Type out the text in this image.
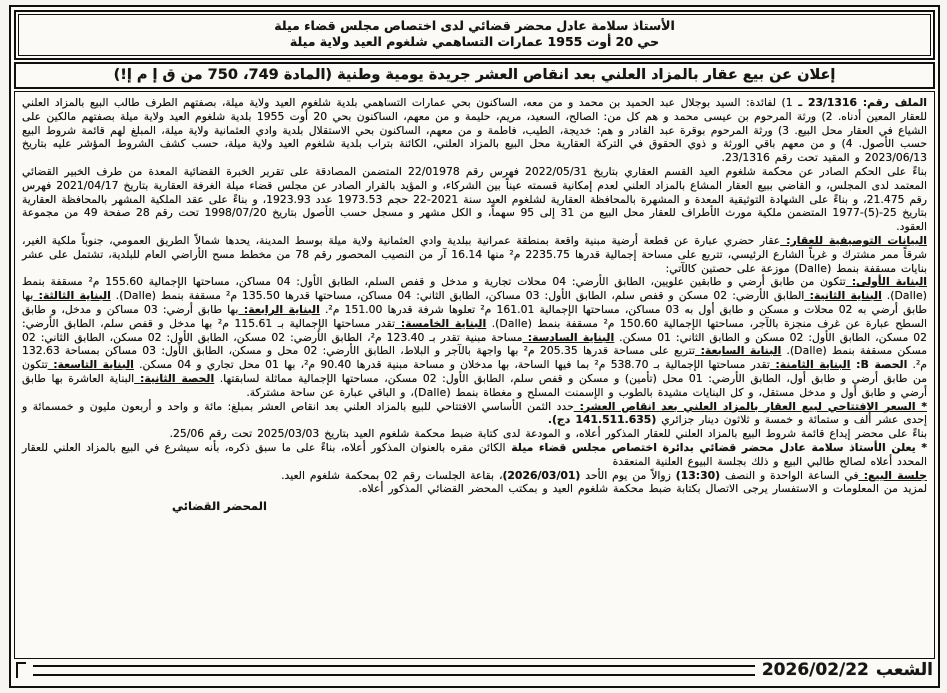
الأستاذ سلامة عادل محضر قضائي لدى اختصاص مجلس قضاء ميلة
حي 20 أوت 1955 عمارات التساهمي شلغوم العيد ولاية ميلة
إعلان عن بيع عقار بالمزاد العلني بعد انقاص العشر جريدة يومية وطنية (المادة 749، 750 من ق إ م إ!)
الملف رقم: 23/1316 ـ 1) لفائدة: السيد بوجلال عبد الحميد بن محمد و من معه، الساكنون بحي عمارات التساهمي بلدية شلغوم العيد ولاية ميلة، بصفتهم الطرف طالب البيع بالمزاد العلني للعقار المعين أدناه. 2) ورثة المرحوم بن عيسى محمد و هم كل من: الصالح، السعيد، مريم، حليمة و من معهم، الساكنون بحي 20 أوت 1955 بلدية شلغوم العيد ولاية ميلة بصفتهم مالكين على الشياع في العقار محل البيع. 3) ورثة المرحوم بوقرة عبد القادر و هم: خديجة، الطيب، فاطمة و من معهم، الساكنون بحي الاستقلال بلدية وادي العثمانية ولاية ميلة، المبلغ لهم قائمة شروط البيع حسب الأصول. 4) و من معهم باقي الورثة و ذوي الحقوق في التركة العقارية محل البيع بالمزاد العلني، الكائنة بتراب بلدية شلغوم العيد ولاية ميلة، حسب كشف الشروط المؤشر عليه بتاريخ 2023/06/13 و المقيد تحت رقم 23/1316.
بناءً على الحكم الصادر عن محكمة شلغوم العيد القسم العقاري بتاريخ 2022/05/31 فهرس رقم 22/01978 المتضمن المصادقة على تقرير الخبرة القضائية المعدة من طرف الخبير القضائي المعتمد لدى المجلس، و القاضي ببيع العقار المشاع بالمزاد العلني لعدم إمكانية قسمته عيناً بين الشركاء، و المؤيد بالقرار الصادر عن مجلس قضاء ميلة الغرفة العقارية بتاريخ 2021/04/17 فهرس رقم 21.475، و بناءً على الشهادة التوثيقية المعدة و المشهرة بالمحافظة العقارية لشلغوم العيد سنة 2021-22 حجم 1973.53 عدد 1923.93، و بناءً على عقد الملكية المشهر بالمحافظة العقارية بتاريخ 25-(5)-1977 المتضمن ملكية مورث الأطراف للعقار محل البيع من 31 إلى 95 سهماً، و الكل مشهر و مسجل حسب الأصول بتاريخ 1998/07/20 تحت رقم 28 صفحة 49 من مجموعة العقود.
البيانات التوصيفية للعقار: عقار حضري عبارة عن قطعة أرضية مبنية واقعة بمنطقة عمرانية ببلدية وادي العثمانية ولاية ميلة بوسط المدينة، يحدها شمالاً الطريق العمومي، جنوباً ملكية الغير، شرقاً ممر مشترك و غرباً الشارع الرئيسي، تتربع على مساحة إجمالية قدرها 2235.75 م² منها 16.14 آر من النصيب المحصور رقم 78 من مخطط مسح الأراضي العام للبلدية، تشتمل على عشر بنايات مسقفة بنمط (Dalle) موزعة على حصتين كالآتي:
البناية الأولى: تتكون من طابق أرضي و طابقين علويين، الطابق الأرضي: 04 محلات تجارية و مدخل و قفص السلم، الطابق الأول: 04 مساكن، مساحتها الإجمالية 155.60 م² مسقفة بنمط (Dalle). البناية الثانية: الطابق الأرضي: 02 مسكن و قفص سلم، الطابق الأول: 03 مساكن، الطابق الثاني: 04 مساكن، مساحتها قدرها 135.50 م² مسقفة بنمط (Dalle). البناية الثالثة: بها طابق أرضي به 02 محلات و مسكن و طابق أول به 03 مساكن، مساحتها الإجمالية 161.01 م² تعلوها شرفة قدرها 151.00 م². البناية الرابعة: بها طابق أرضي: 03 مساكن و مدخل، و طابق السطح عبارة عن غرف منجزة بالآجر، مساحتها الإجمالية 150.60 م² مسقفة بنمط (Dalle). البناية الخامسة: تقدر مساحتها الإجمالية بـ 115.61 م² بها مدخل و قفص سلم، الطابق الأرضي: 02 مسكن، الطابق الأول: 02 مسكن و الطابق الثاني: 01 مسكن. البناية السادسة: مساحة مبنية تقدر بـ 123.40 م²، الطابق الأرضي: 02 مسكن، الطابق الأول: 02 مسكن، الطابق الثاني: 02 مسكن مسقفة بنمط (Dalle). البناية السابعة: تتربع على مساحة قدرها 205.35 م² بها واجهة بالآجر و البلاط، الطابق الأرضي: 02 محل و مسكن، الطابق الأول: 03 مساكن بمساحة 132.63 م². الحصة B: البناية الثامنة: تقدر مساحتها الإجمالية بـ 538.70 م² بما فيها الساحة، بها مدخلان و مساحة مبنية قدرها 90.40 م²، بها 01 محل تجاري و 04 مسكن. البناية التاسعة: تتكون من طابق أرضي و طابق أول، الطابق الأرضي: 01 محل (تأمين) و مسكن و قفص سلم، الطابق الأول: 02 مسكن، مساحتها الإجمالية مماثلة لسابقتها. الحصة الثانية: البناية العاشرة بها طابق أرضي و طابق أول و مدخل مستقل، و كل البنايات مشيدة بالطوب و الإسمنت المسلح و مغطاة بنمط (Dalle)، و الباقي عبارة عن ساحة مشتركة.
* السعر الافتتاحي لبيع العقار بالمزاد العلني بعد انقاص العشر: حدد الثمن الأساسي الافتتاحي للبيع بالمزاد العلني بعد انقاص العشر بمبلغ: مائة و واحد و أربعون مليون و خمسمائة و إحدى عشر ألف و ستمائة و خمسة و ثلاثون دينار جزائري (141.511.635 دج).
بناءً على محضر إيداع قائمة شروط البيع بالمزاد العلني للعقار المذكور أعلاه، و المودعة لدى كتابة ضبط محكمة شلغوم العيد بتاريخ 2025/03/03 تحت رقم 25/06.
* يعلن الأستاذ سلامة عادل محضر قضائي بدائرة اختصاص مجلس قضاء ميلة الكائن مقره بالعنوان المذكور أعلاه، بناءً على ما سبق ذكره، بأنه سيشرع في البيع بالمزاد العلني للعقار المحدد أعلاه لصالح طالبي البيع و ذلك بجلسة البيوع العلنية المنعقدة
جلسة البيع: في الساعة الواحدة و النصف (13:30) زوالاً من يوم الأحد (2026/03/01)، بقاعة الجلسات رقم 02 بمحكمة شلغوم العيد.
لمزيد من المعلومات و الاستفسار يرجى الاتصال بكتابة ضبط محكمة شلغوم العيد و بمكتب المحضر القضائي المذكور أعلاه.
المحضر القضائي
الشعب
2026/02/22
